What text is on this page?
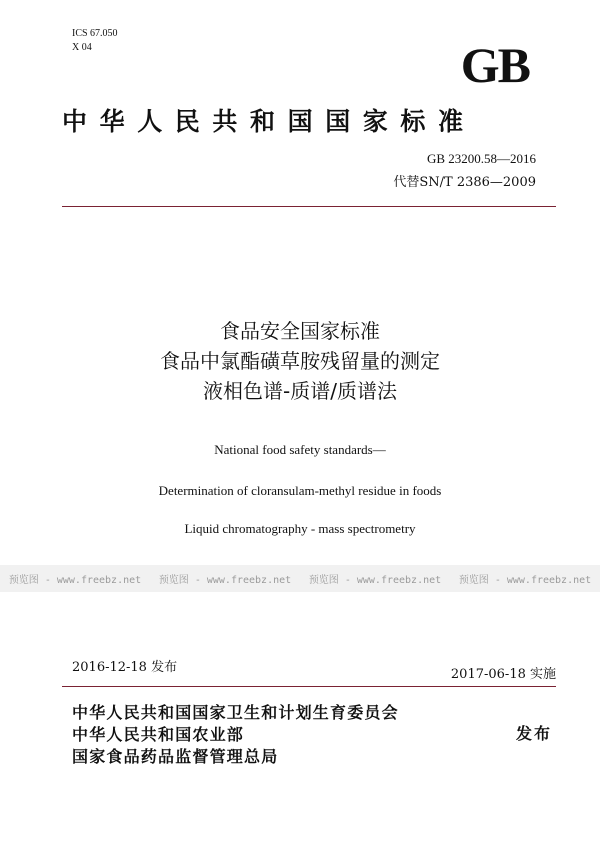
ICS 67.050
X 04	GB
中华人民共和国国家标准
GB 23200.58—2016
代替SN/T 2386—2009
食品安全国家标准
食品中氯酯磺草胺残留量的测定
液相色谱-质谱/质谱法
National food safety standards—
Determination of cloransulam-methyl residue in foods
Liquid chromatography - mass spectrometry
预览图 - www.freebz.net 预览图 - www.freebz.net 预览图 - www.freebz.net 预览图 - www.freebz.net
2016-12-18 发布	2017-06-18 实施
中华人民共和国国家卫生和计划生育委员会
中华人民共和国农业部
国家食品药品监督管理总局
发布
